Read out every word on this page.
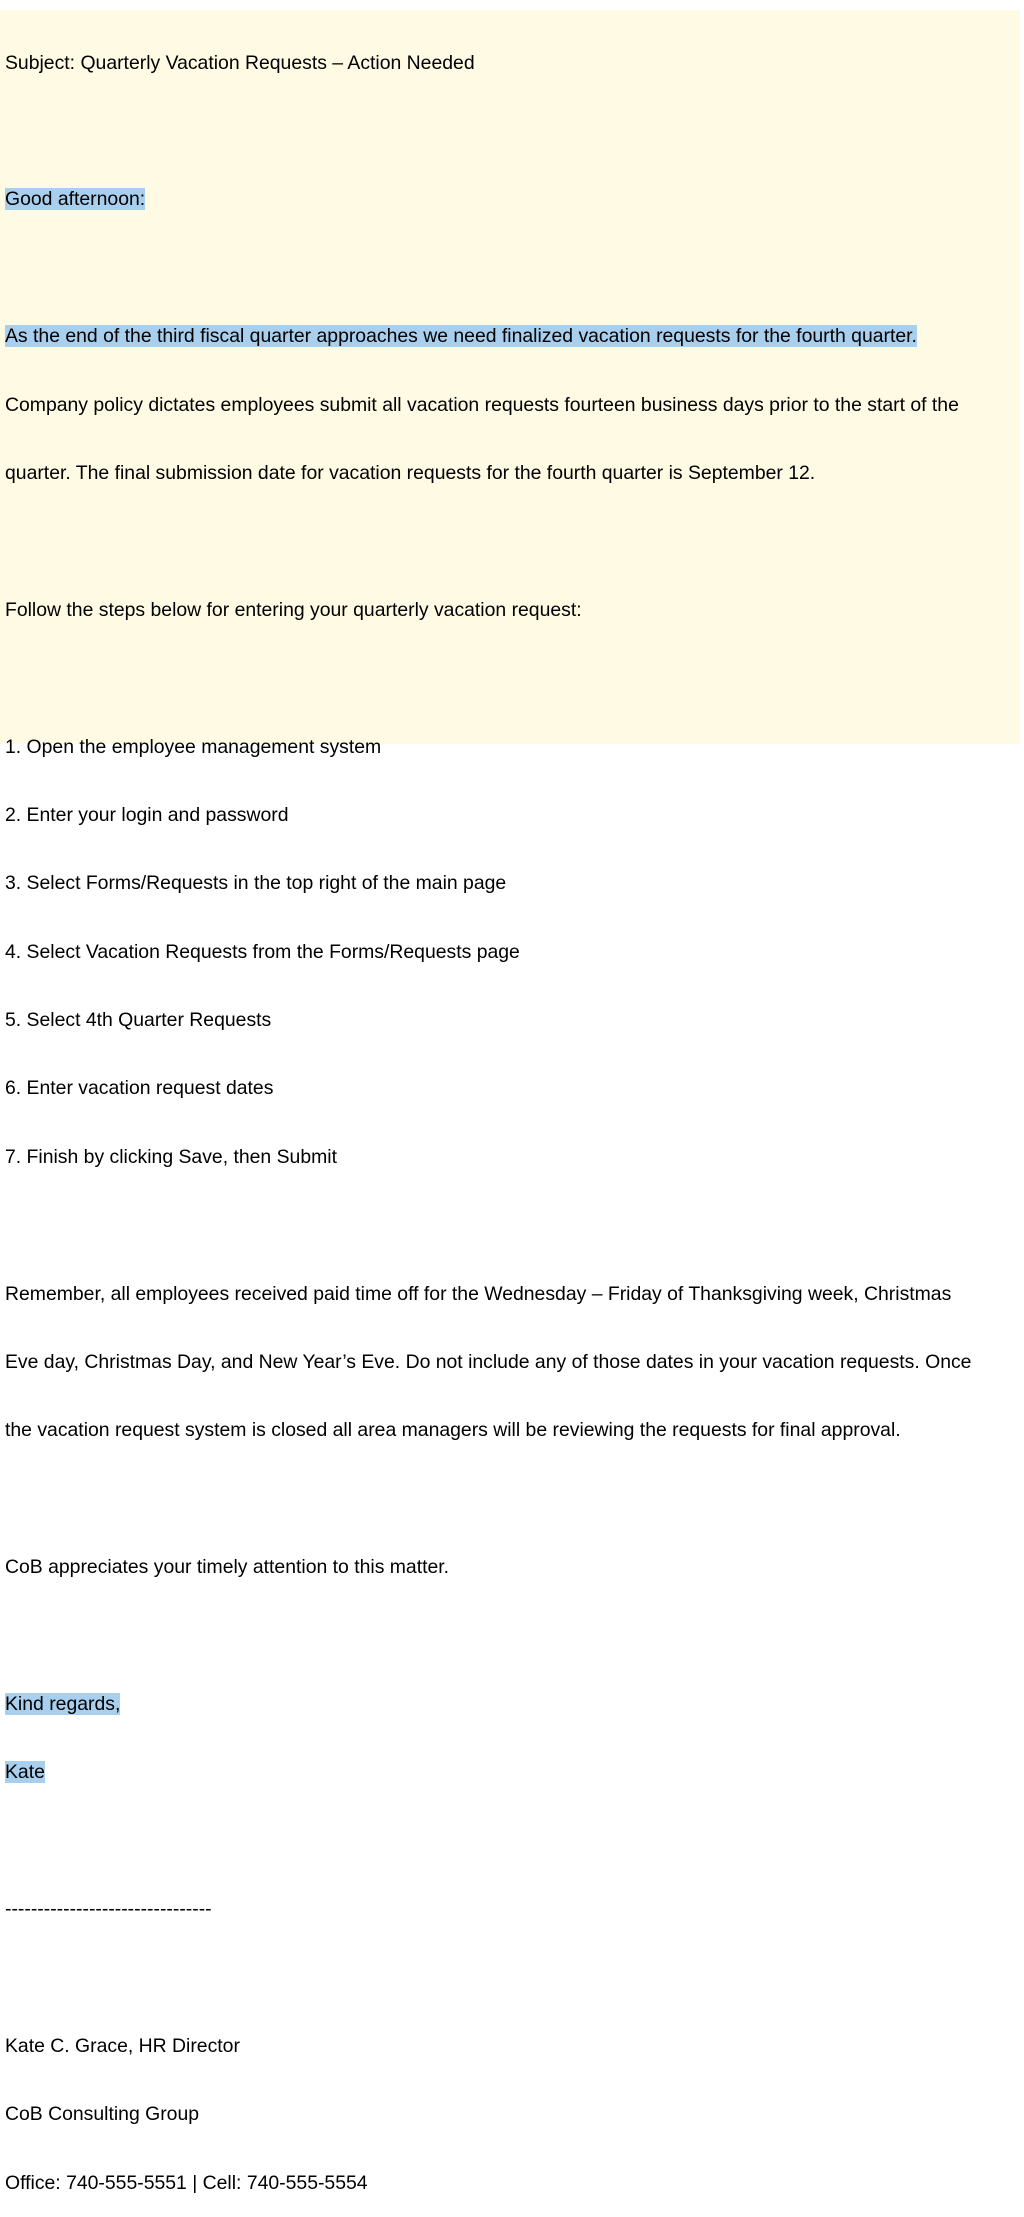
Subject: Quarterly Vacation Requests – Action Needed

Good afternoon:

As the end of the third fiscal quarter approaches we need finalized vacation requests for the fourth quarter.

Company policy dictates employees submit all vacation requests fourteen business days prior to the start of the

quarter. The final submission date for vacation requests for the fourth quarter is September 12.

Follow the steps below for entering your quarterly vacation request:

1. Open the employee management system

2. Enter your login and password

3. Select Forms/Requests in the top right of the main page

4. Select Vacation Requests from the Forms/Requests page

5. Select 4th Quarter Requests

6. Enter vacation request dates

7. Finish by clicking Save, then Submit

Remember, all employees received paid time off for the Wednesday – Friday of Thanksgiving week, Christmas

Eve day, Christmas Day, and New Year’s Eve. Do not include any of those dates in your vacation requests. Once

the vacation request system is closed all area managers will be reviewing the requests for final approval.

CoB appreciates your timely attention to this matter.

Kind regards,

Kate

--------------------------------

Kate C. Grace, HR Director

CoB Consulting Group

Office: 740-555-5551 | Cell: 740-555-5554
